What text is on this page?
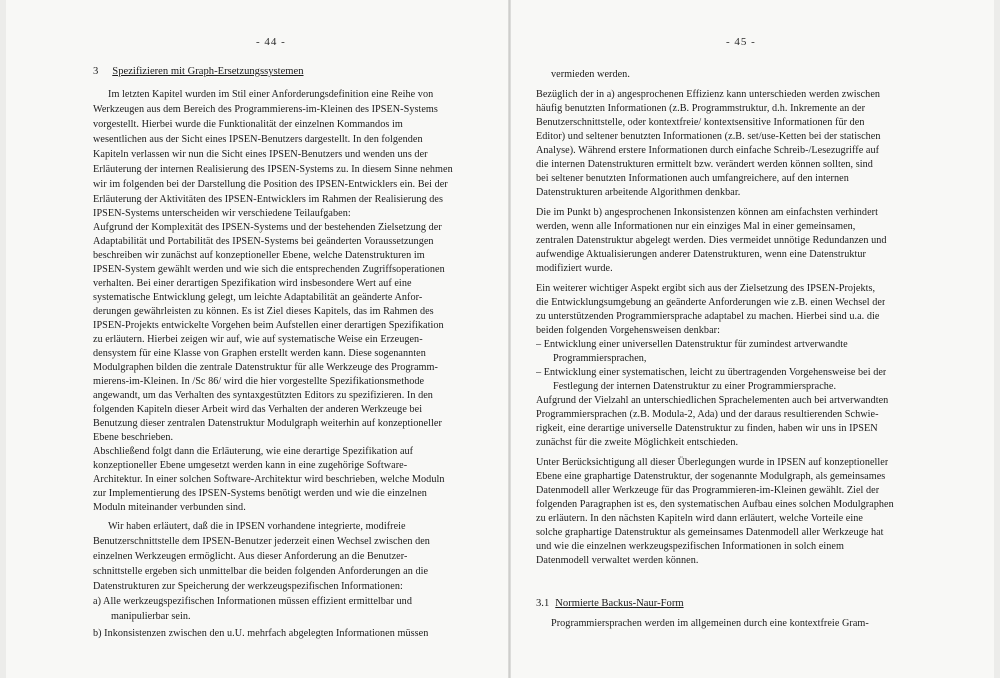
- 44 -
3 Spezifizieren mit Graph-Ersetzungssystemen
Im letzten Kapitel wurden im Stil einer Anforderungsdefinition eine Reihe von
Werkzeugen aus dem Bereich des Programmierens-im-Kleinen des IPSEN-Systems
vorgestellt. Hierbei wurde die Funktionalität der einzelnen Kommandos im
wesentlichen aus der Sicht eines IPSEN-Benutzers dargestellt. In den folgenden
Kapiteln verlassen wir nun die Sicht eines IPSEN-Benutzers und wenden uns der
Erläuterung der internen Realisierung des IPSEN-Systems zu. In diesem Sinne nehmen
wir im folgenden bei der Darstellung die Position des IPSEN-Entwicklers ein. Bei der
Erläuterung der Aktivitäten des IPSEN-Entwicklers im Rahmen der Realisierung des
IPSEN-Systems unterscheiden wir verschiedene Teilaufgaben:
Aufgrund der Komplexität des IPSEN-Systems und der bestehenden Zielsetzung der
Adaptabilität und Portabilität des IPSEN-Systems bei geänderten Voraussetzungen
beschreiben wir zunächst auf konzeptioneller Ebene, welche Datenstrukturen im
IPSEN-System gewählt werden und wie sich die entsprechenden Zugriffsoperationen
verhalten. Bei einer derartigen Spezifikation wird insbesondere Wert auf eine
systematische Entwicklung gelegt, um leichte Adaptabilität an geänderte Anfor-
derungen gewährleisten zu können. Es ist Ziel dieses Kapitels, das im Rahmen des
IPSEN-Projekts entwickelte Vorgehen beim Aufstellen einer derartigen Spezifikation
zu erläutern. Hierbei zeigen wir auf, wie auf systematische Weise ein Erzeugen-
densystem für eine Klasse von Graphen erstellt werden kann. Diese sogenannten
Modulgraphen bilden die zentrale Datenstruktur für alle Werkzeuge des Programm-
mierens-im-Kleinen. In /Sc 86/ wird die hier vorgestellte Spezifikationsmethode
angewandt, um das Verhalten des syntaxgestützten Editors zu spezifizieren. In den
folgenden Kapiteln dieser Arbeit wird das Verhalten der anderen Werkzeuge bei
Benutzung dieser zentralen Datenstruktur Modulgraph weiterhin auf konzeptioneller
Ebene beschrieben.
Abschließend folgt dann die Erläuterung, wie eine derartige Spezifikation auf
konzeptioneller Ebene umgesetzt werden kann in eine zugehörige Software-
Architektur. In einer solchen Software-Architektur wird beschrieben, welche Moduln
zur Implementierung des IPSEN-Systems benötigt werden und wie die einzelnen
Moduln miteinander verbunden sind.
Wir haben erläutert, daß die in IPSEN vorhandene integrierte, modifreie
Benutzerschnittstelle dem IPSEN-Benutzer jederzeit einen Wechsel zwischen den
einzelnen Werkzeugen ermöglicht. Aus dieser Anforderung an die Benutzer-
schnittstelle ergeben sich unmittelbar die beiden folgenden Anforderungen an die
Datenstrukturen zur Speicherung der werkzeugspezifischen Informationen:
a) Alle werkzeugspezifischen Informationen müssen effizient ermittelbar und
manipulierbar sein.
b) Inkonsistenzen zwischen den u.U. mehrfach abgelegten Informationen müssen
- 45 -
vermieden werden.
Bezüglich der in a) angesprochenen Effizienz kann unterschieden werden zwischen
häufig benutzten Informationen (z.B. Programmstruktur, d.h. Inkremente an der
Benutzerschnittstelle, oder kontextfreie/ kontextsensitive Informationen für den
Editor) und seltener benutzten Informationen (z.B. set/use-Ketten bei der statischen
Analyse). Während erstere Informationen durch einfache Schreib-/Lesezugriffe auf
die internen Datenstrukturen ermittelt bzw. verändert werden können sollten, sind
bei seltener benutzten Informationen auch umfangreichere, auf den internen
Datenstrukturen arbeitende Algorithmen denkbar.
Die im Punkt b) angesprochenen Inkonsistenzen können am einfachsten verhindert
werden, wenn alle Informationen nur ein einziges Mal in einer gemeinsamen,
zentralen Datenstruktur abgelegt werden. Dies vermeidet unnötige Redundanzen und
aufwendige Aktualisierungen anderer Datenstrukturen, wenn eine Datenstruktur
modifiziert wurde.
Ein weiterer wichtiger Aspekt ergibt sich aus der Zielsetzung des IPSEN-Projekts,
die Entwicklungsumgebung an geänderte Anforderungen wie z.B. einen Wechsel der
zu unterstützenden Programmiersprache adaptabel zu machen. Hierbei sind u.a. die
beiden folgenden Vorgehensweisen denkbar:
– Entwicklung einer universellen Datenstruktur für zumindest artverwandte
Programmiersprachen,
– Entwicklung einer systematischen, leicht zu übertragenden Vorgehensweise bei der
Festlegung der internen Datenstruktur zu einer Programmiersprache.
Aufgrund der Vielzahl an unterschiedlichen Sprachelementen auch bei artverwandten
Programmiersprachen (z.B. Modula-2, Ada) und der daraus resultierenden Schwie-
rigkeit, eine derartige universelle Datenstruktur zu finden, haben wir uns in IPSEN
zunächst für die zweite Möglichkeit entschieden.
Unter Berücksichtigung all dieser Überlegungen wurde in IPSEN auf konzeptioneller
Ebene eine graphartige Datenstruktur, der sogenannte Modulgraph, als gemeinsames
Datenmodell aller Werkzeuge für das Programmieren-im-Kleinen gewählt. Ziel der
folgenden Paragraphen ist es, den systematischen Aufbau eines solchen Modulgraphen
zu erläutern. In den nächsten Kapiteln wird dann erläutert, welche Vorteile eine
solche graphartige Datenstruktur als gemeinsames Datenmodell aller Werkzeuge hat
und wie die einzelnen werkzeugspezifischen Informationen in solch einem
Datenmodell verwaltet werden können.
3.1 Normierte Backus-Naur-Form
Programmiersprachen werden im allgemeinen durch eine kontextfreie Gram-
